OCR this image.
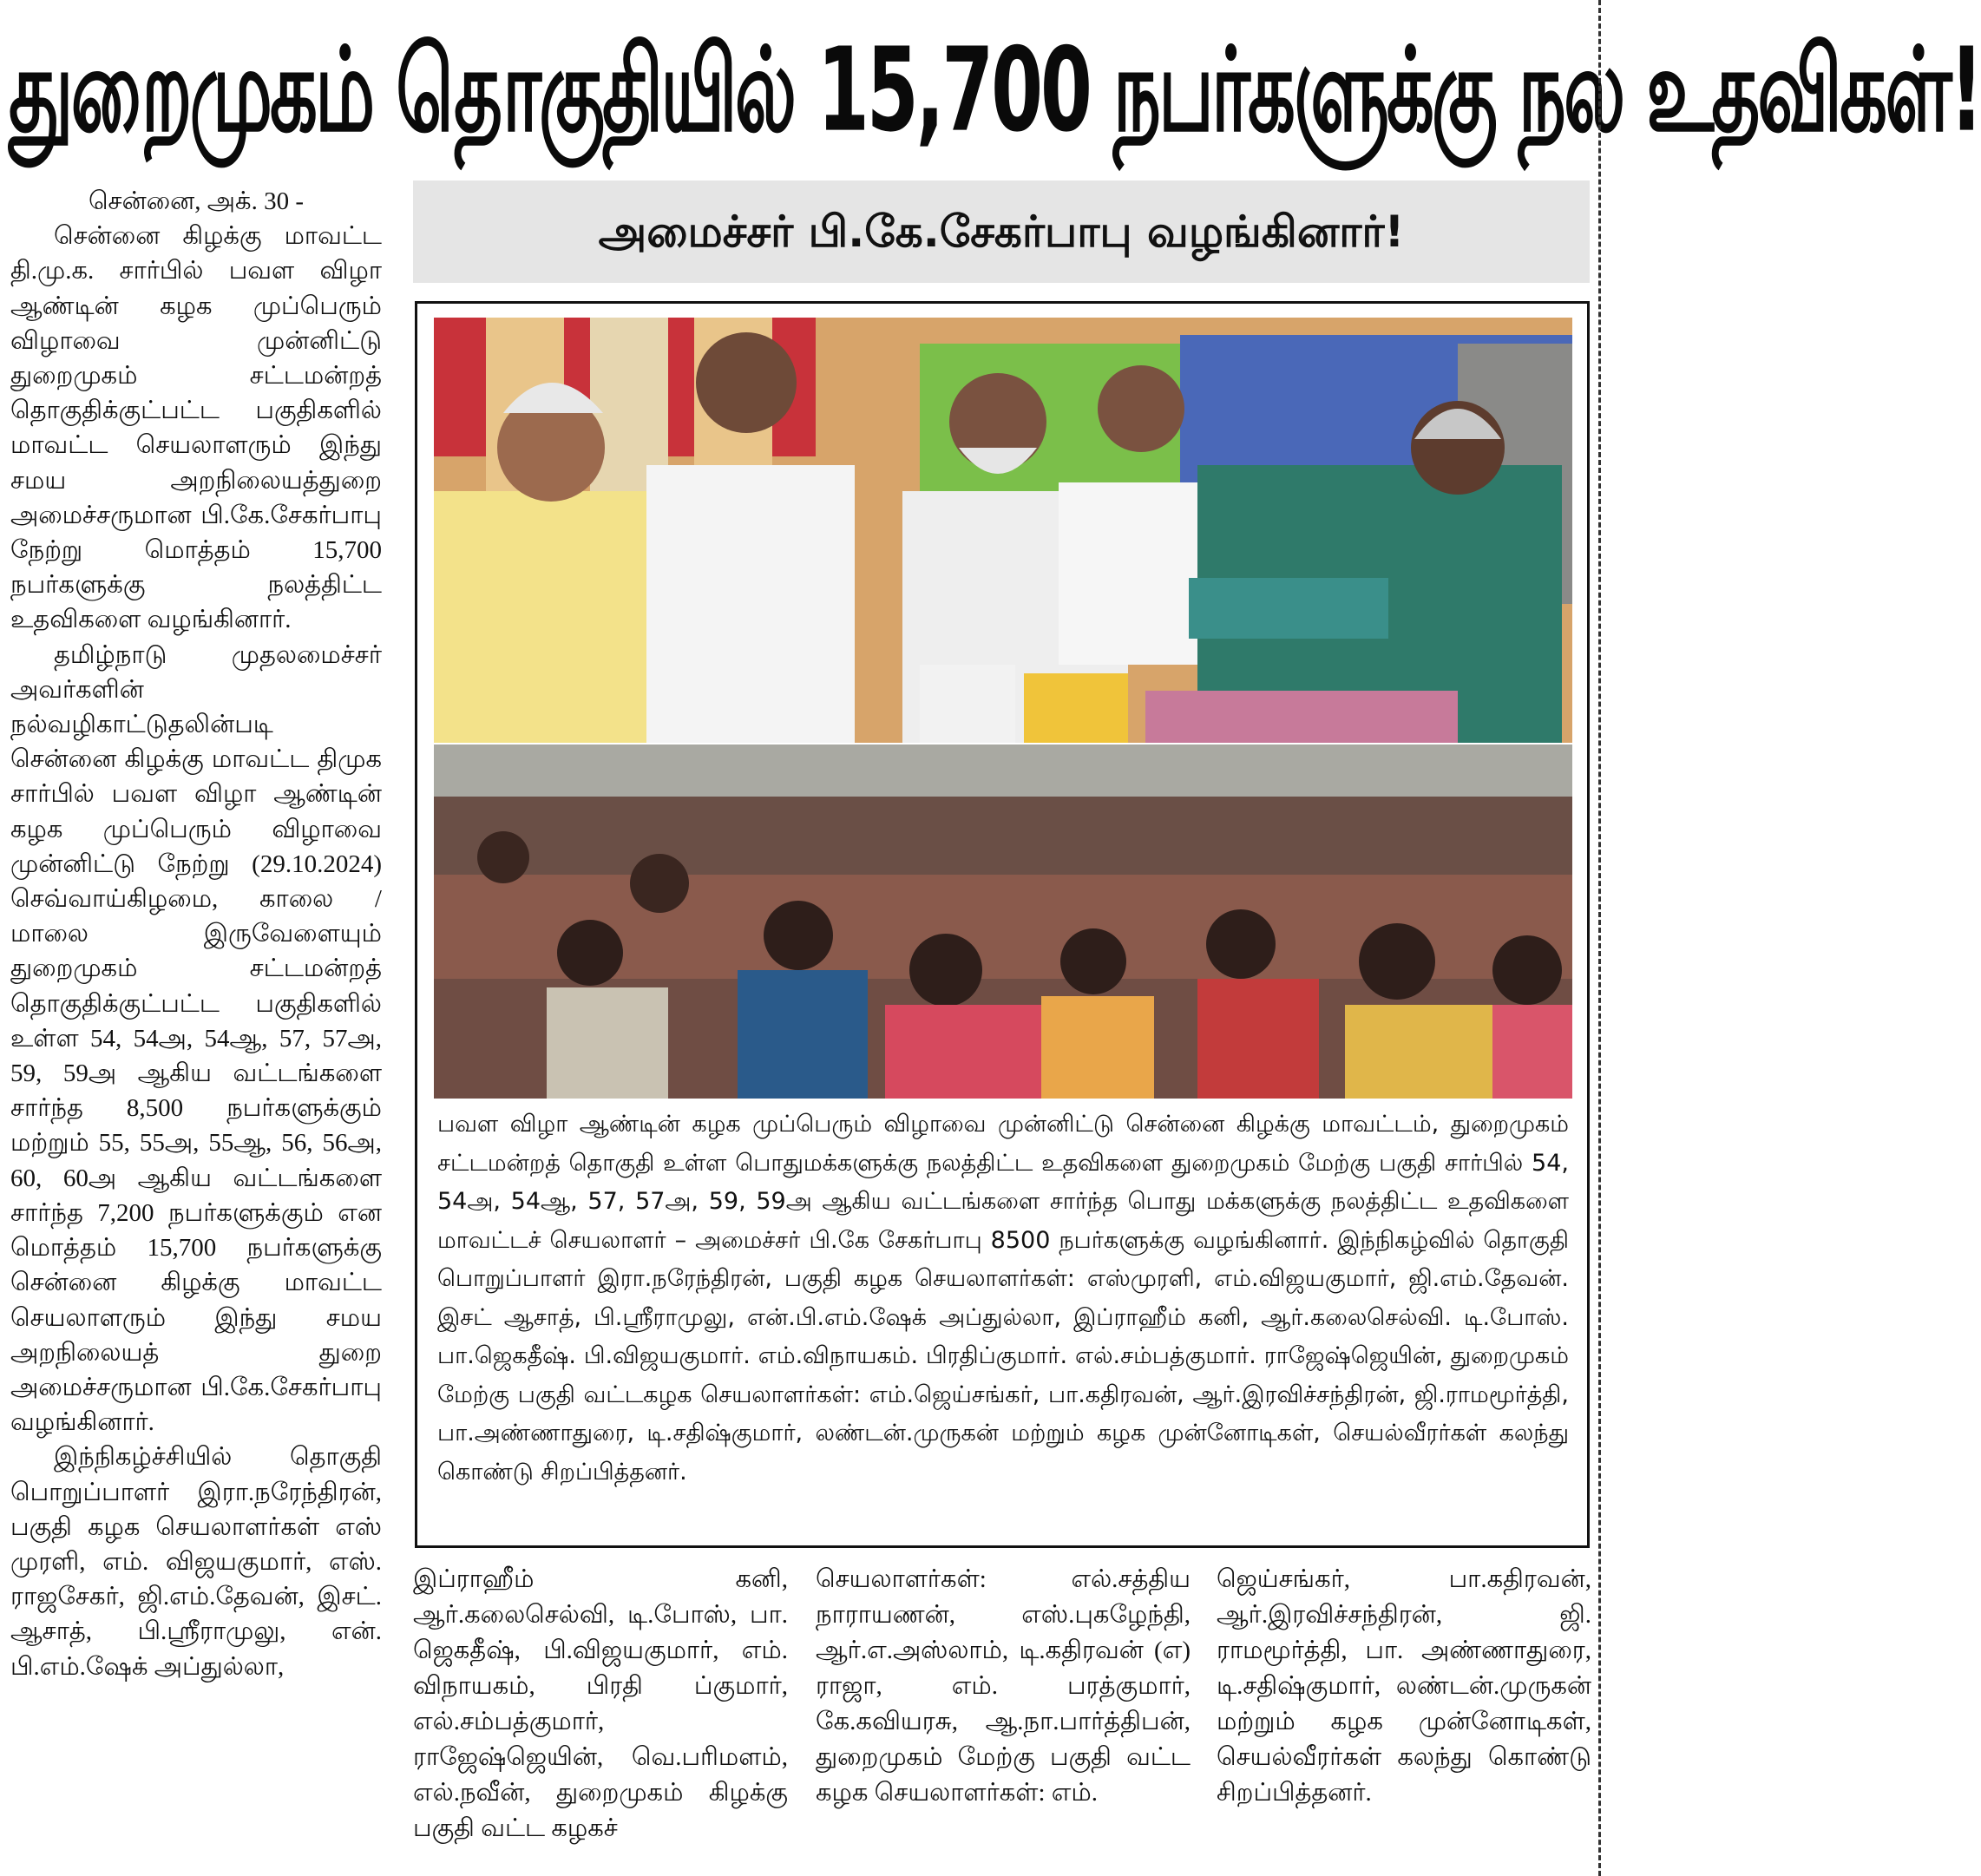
துறைமுகம் தொகுதியில் 15,700 நபர்களுக்கு நல உதவிகள்!

சென்னை, அக். 30 -

சென்னை கிழக்கு மாவட்ட தி.மு.க. சார்பில் பவள விழா ஆண்டின் கழக முப்பெரும் விழாவை முன்னிட்டு துறைமுகம் சட்டமன்றத் தொகுதிக்குட்பட்ட பகுதிகளில் மாவட்ட செயலாளரும் இந்து சமய அறநிலையத்துறை அமைச்சருமான பி.கே.சேகர்பாபு நேற்று மொத்தம் 15,700 நபர்களுக்கு நலத்திட்ட உதவிகளை வழங்கினார்.

தமிழ்நாடு முதலமைச்சர் அவர்களின் நல்வழிகாட்டுதலின்படி சென்னை கிழக்கு மாவட்ட திமுக சார்பில் பவள விழா ஆண்டின் கழக முப்பெரும் விழாவை முன்னிட்டு நேற்று (29.10.2024) செவ்வாய்கிழமை, காலை / மாலை இருவேளையும் துறைமுகம் சட்டமன்றத் தொகுதிக்குட்பட்ட பகுதிகளில் உள்ள 54, 54அ, 54ஆ, 57, 57அ, 59, 59அ ஆகிய வட்டங்களை சார்ந்த 8,500 நபர்களுக்கும் மற்றும் 55, 55அ, 55ஆ, 56, 56அ, 60, 60அ ஆகிய வட்டங்களை சார்ந்த 7,200 நபர்களுக்கும் என மொத்தம் 15,700 நபர்களுக்கு சென்னை கிழக்கு மாவட்ட செயலாளரும் இந்து சமய அறநிலையத் துறை அமைச்சருமான பி.கே.சேகர்பாபு வழங்கினார்.

இந்நிகழ்ச்சியில் தொகுதி பொறுப்பாளர் இரா.நரேந்திரன், பகுதி கழக செயலாளர்கள் எஸ் முரளி, எம். விஜயகுமார், எஸ். ராஜசேகர், ஜி.எம்.தேவன், இசட். ஆசாத், பி.ஸ்ரீராமுலு, என். பி.எம்.ஷேக் அப்துல்லா,

அமைச்சர் பி.கே.சேகர்பாபு வழங்கினார்!
பவள விழா ஆண்டின் கழக முப்பெரும் விழாவை முன்னிட்டு சென்னை கிழக்கு மாவட்டம், துறைமுகம் சட்டமன்றத் தொகுதி உள்ள பொதுமக்களுக்கு நலத்திட்ட உதவிகளை துறைமுகம் மேற்கு பகுதி சார்பில் 54, 54அ, 54ஆ, 57, 57அ, 59, 59அ ஆகிய வட்டங்களை சார்ந்த பொது மக்களுக்கு நலத்திட்ட உதவிகளை மாவட்டச் செயலாளர் – அமைச்சர் பி.கே சேகர்பாபு 8500 நபர்களுக்கு வழங்கினார். இந்நிகழ்வில் தொகுதி பொறுப்பாளர் இரா.நரேந்திரன், பகுதி கழக செயலாளர்கள்: எஸ்முரளி, எம்.விஜயகுமார், ஜி.எம்.தேவன். இசட் ஆசாத், பி.ஸ்ரீராமுலு, என்.பி.எம்.ஷேக் அப்துல்லா, இப்ராஹீம் கனி, ஆர்.கலைசெல்வி. டி.போஸ். பா.ஜெகதீஷ். பி.விஜயகுமார். எம்.விநாயகம். பிரதிப்குமார். எல்.சம்பத்குமார். ராஜேஷ்ஜெயின், துறைமுகம் மேற்கு பகுதி வட்டகழக செயலாளர்கள்: எம்.ஜெய்சங்கர், பா.கதிரவன், ஆர்.இரவிச்சந்திரன், ஜி.ராமமூர்த்தி, பா.அண்ணாதுரை, டி.சதிஷ்குமார், லண்டன்.முருகன் மற்றும் கழக முன்னோடிகள், செயல்வீரர்கள் கலந்து கொண்டு சிறப்பித்தனர்.

இப்ராஹீம் கனி, ஆர்.கலைசெல்வி, டி.போஸ், பா. ஜெகதீஷ், பி.விஜயகுமார், எம். விநாயகம், பிரதி ப்குமார், எல்.சம்பத்குமார், ராஜேஷ்ஜெயின், வெ.பரிமளம், எல்.நவீன், துறைமுகம் கிழக்கு பகுதி வட்ட கழகச்

செயலாளர்கள்: எல்.சத்திய நாராயணன், எஸ்.புகழேந்தி, ஆர்.எ.அஸ்லாம், டி.கதிரவன் (எ) ராஜா, எம். பரத்குமார், கே.கவியரசு, ஆ.நா.பார்த்திபன், துறைமுகம் மேற்கு பகுதி வட்ட கழக செயலாளர்கள்: எம்.

ஜெய்சங்கர், பா.கதிரவன், ஆர்.இரவிச்சந்திரன், ஜி. ராமமூர்த்தி, பா. அண்ணாதுரை, டி.சதிஷ்குமார், லண்டன்.முருகன் மற்றும் கழக முன்னோடிகள், செயல்வீரர்கள் கலந்து கொண்டு சிறப்பித்தனர்.
